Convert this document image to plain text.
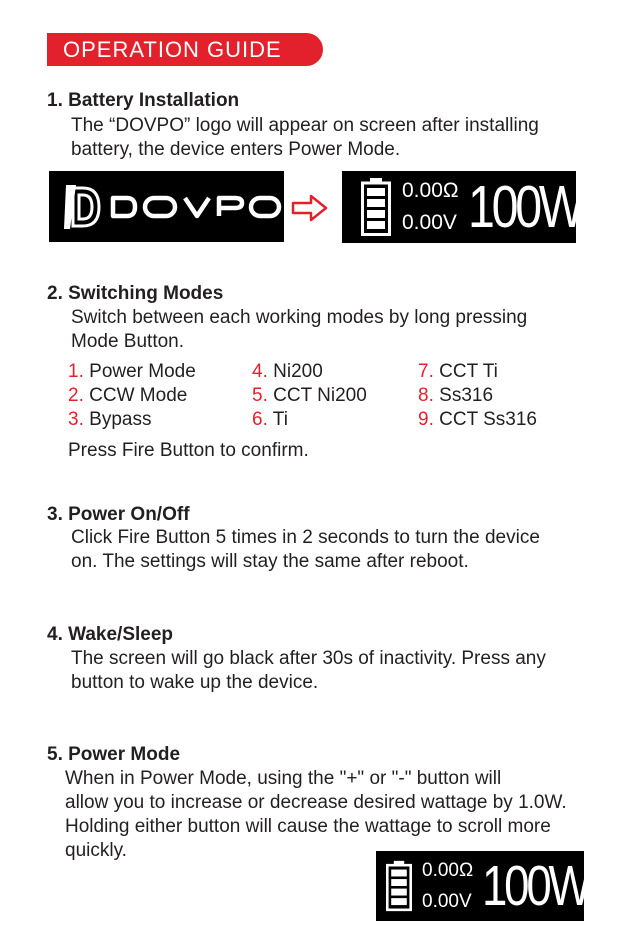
OPERATION GUIDE
1. Battery Installation
The “DOVPO” logo will appear on screen after installing
battery, the device enters Power Mode.
0.00Ω
0.00V 100W
2. Switching Modes
Switch between each working modes by long pressing
Mode Button.
1. Power Mode
2. CCW Mode
3. Bypass
4. Ni200
5. CCT Ni200
6. Ti
7. CCT Ti
8. Ss316
9. CCT Ss316
Press Fire Button to confirm.
3. Power On/Off
Click Fire Button 5 times in 2 seconds to turn the device
on. The settings will stay the same after reboot.
4. Wake/Sleep
The screen will go black after 30s of inactivity. Press any
button to wake up the device.
5. Power Mode
When in Power Mode, using the "+" or "-" button will
allow you to increase or decrease desired wattage by 1.0W.
Holding either button will cause the wattage to scroll more
quickly.
0.00Ω
0.00V 100W
